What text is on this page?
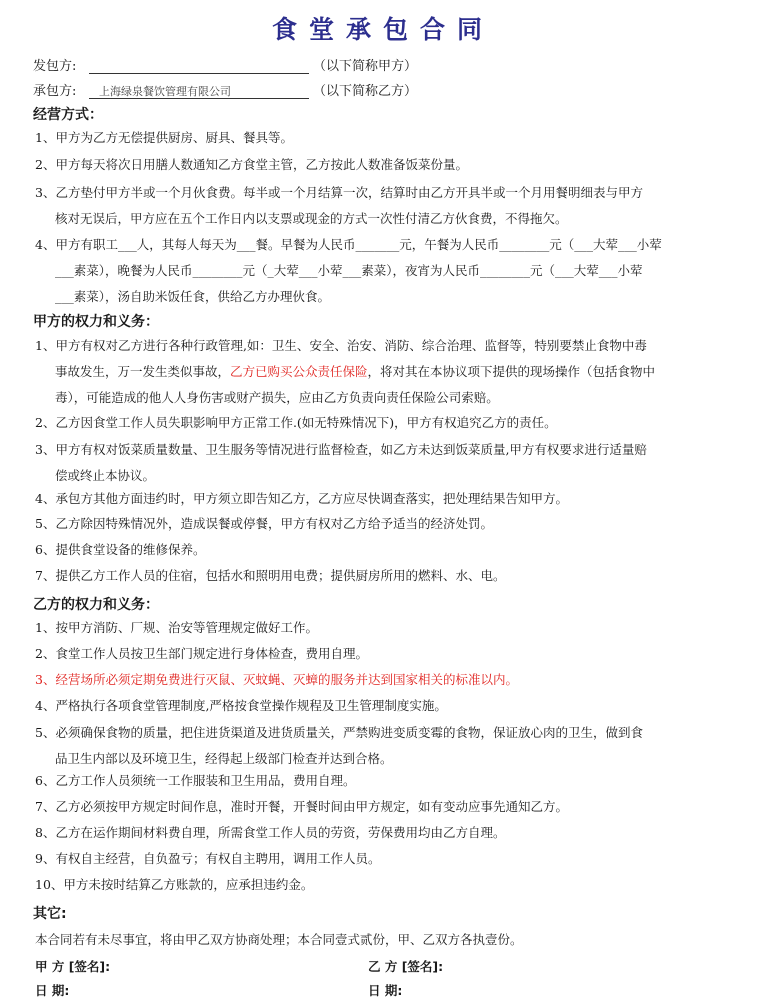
食堂承包合同
发包方:	（以下简称甲方）
承包方: 上海绿泉餐饮管理有限公司	（以下简称乙方）
经营方式：
1、甲方为乙方无偿提供厨房、厨具、餐具等。
2、甲方每天将次日用膳人数通知乙方食堂主管，乙方按此人数准备饭菜份量。
3、乙方垫付甲方半或一个月伙食费。每半或一个月结算一次，结算时由乙方开具半或一个月用餐明细表与甲方
核对无误后，甲方应在五个工作日内以支票或现金的方式一次性付清乙方伙食费，不得拖欠。
4、甲方有职工___人，其每人每天为___餐。早餐为人民币_______元，午餐为人民币________元（___大荤___小荤
___素菜），晚餐为人民币________元（_大荤___小荤___素菜），夜宵为人民币________元（___大荤___小荤
___素菜），汤自助米饭任食，供给乙方办理伙食。
甲方的权力和义务：
1、甲方有权对乙方进行各种行政管理,如：卫生、安全、治安、消防、综合治理、监督等，特别要禁止食物中毒
事故发生，万一发生类似事故，乙方已购买公众责任保险，将对其在本协议项下提供的现场操作（包括食物中
毒），可能造成的他人人身伤害或财产损失，应由乙方负责向责任保险公司索赔。
2、乙方因食堂工作人员失职影响甲方正常工作.(如无特殊情况下)，甲方有权追究乙方的责任。
3、甲方有权对饭菜质量数量、卫生服务等情况进行监督检查，如乙方未达到饭菜质量,甲方有权要求进行适量赔
偿或终止本协议。
4、承包方其他方面违约时，甲方须立即告知乙方，乙方应尽快调查落实，把处理结果告知甲方。
5、乙方除因特殊情况外，造成误餐或停餐，甲方有权对乙方给予适当的经济处罚。
6、提供食堂设备的维修保养。
7、提供乙方工作人员的住宿，包括水和照明用电费；提供厨房所用的燃料、水、电。
乙方的权力和义务：
1、按甲方消防、厂规、治安等管理规定做好工作。
2、食堂工作人员按卫生部门规定进行身体检查，费用自理。
3、经营场所必须定期免费进行灭鼠、灭蚊蝇、灭蟑的服务并达到国家相关的标准以内。
4、严格执行各项食堂管理制度,严格按食堂操作规程及卫生管理制度实施。
5、必须确保食物的质量，把住进货渠道及进货质量关，严禁购进变质变霉的食物，保证放心肉的卫生，做到食
品卫生内部以及环境卫生，经得起上级部门检查并达到合格。
6、乙方工作人员须统一工作服装和卫生用品，费用自理。
7、乙方必须按甲方规定时间作息，准时开餐，开餐时间由甲方规定，如有变动应事先通知乙方。
8、乙方在运作期间材料费自理，所需食堂工作人员的劳资，劳保费用均由乙方自理。
9、有权自主经营，自负盈亏；有权自主聘用，调用工作人员。
10、甲方未按时结算乙方账款的，应承担违约金。
其它:
本合同若有未尽事宜，将由甲乙双方协商处理；本合同壹式贰份，甲、乙双方各执壹份。
甲 方 [签名]:	乙 方 [签名]:
日 期:	日 期:
